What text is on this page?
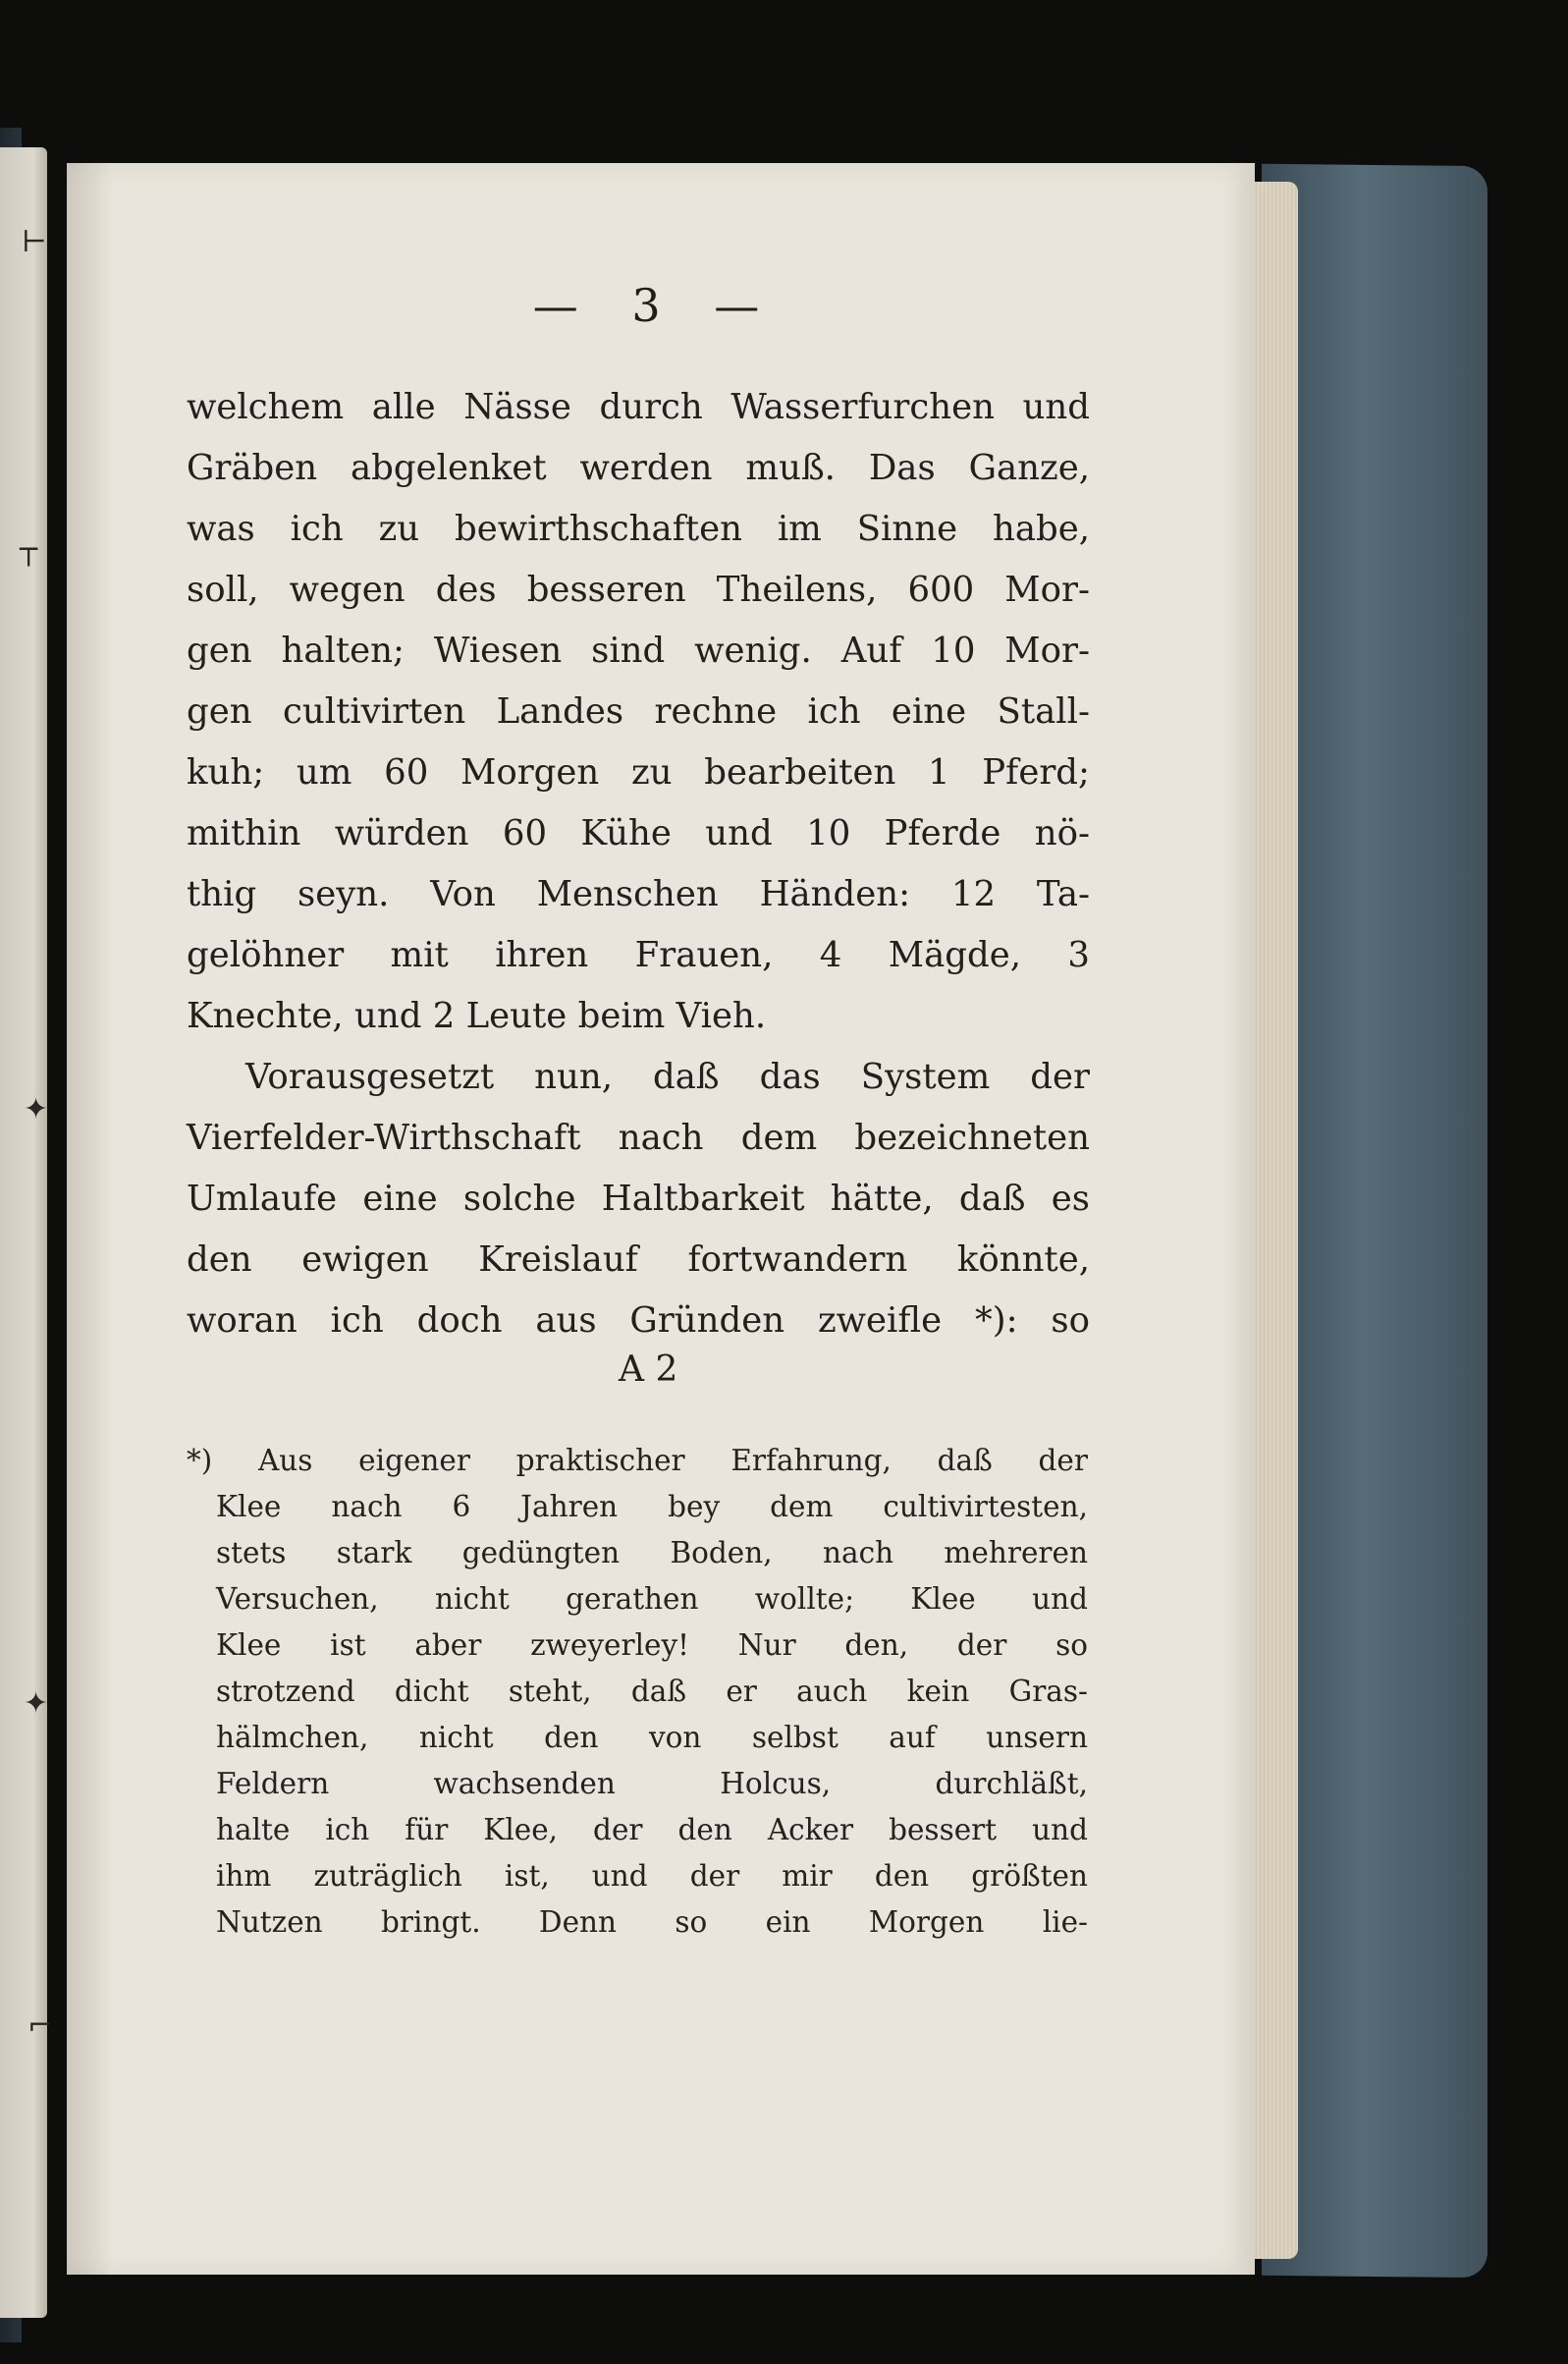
⊢
┬
✦
✦
⌐
— 3 —
welchem alle Nässe durch Wasserfurchen und
Gräben abgelenket werden muß. Das Ganze,
was ich zu bewirthschaften im Sinne habe,
soll, wegen des besseren Theilens, 600 Mor-
gen halten; Wiesen sind wenig. Auf 10 Mor-
gen cultivirten Landes rechne ich eine Stall-
kuh; um 60 Morgen zu bearbeiten 1 Pferd;
mithin würden 60 Kühe und 10 Pferde nö-
thig seyn. Von Menschen Händen: 12 Ta-
gelöhner mit ihren Frauen, 4 Mägde, 3
Knechte, und 2 Leute beim Vieh.
Vorausgesetzt nun, daß das System der
Vierfelder-Wirthschaft nach dem bezeichneten
Umlaufe eine solche Haltbarkeit hätte, daß es
den ewigen Kreislauf fortwandern könnte,
woran ich doch aus Gründen zweifle *): so
A 2
*) Aus eigener praktischer Erfahrung, daß der
Klee nach 6 Jahren bey dem cultivirtesten,
stets stark gedüngten Boden, nach mehreren
Versuchen, nicht gerathen wollte; Klee und
Klee ist aber zweyerley! Nur den, der so
strotzend dicht steht, daß er auch kein Gras-
hälmchen, nicht den von selbst auf unsern
Feldern wachsenden Holcus, durchläßt,
halte ich für Klee, der den Acker bessert und
ihm zuträglich ist, und der mir den größten
Nutzen bringt. Denn so ein Morgen lie-
